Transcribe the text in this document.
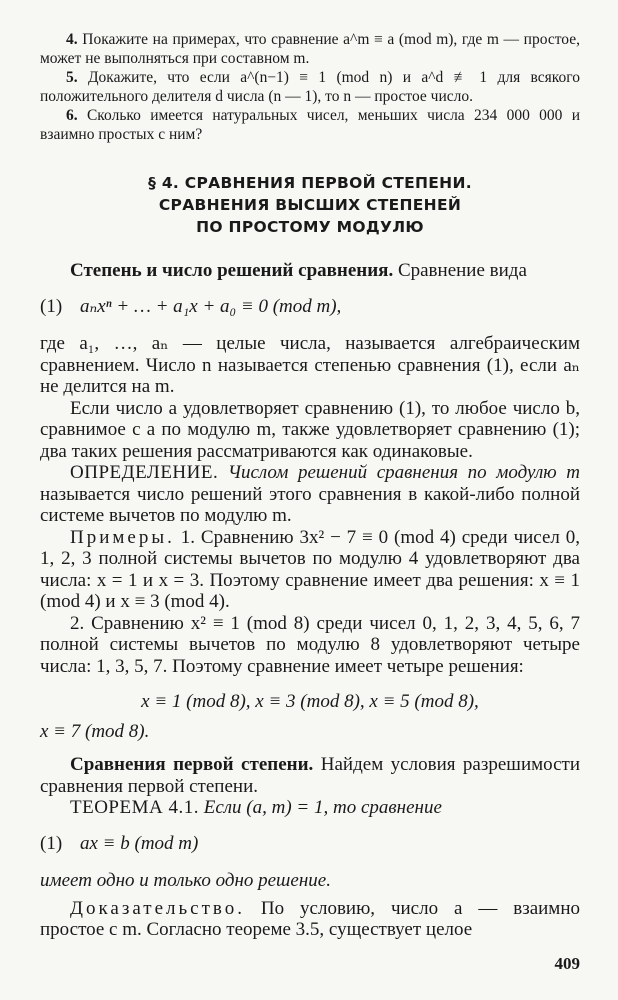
4. Покажите на примерах, что сравнение a^m ≡ a (mod m), где m — простое, может не выполняться при составном m.

5. Докажите, что если a^(n−1) ≡ 1 (mod n) и a^d ≢ 1 для всякого положительного делителя d числа (n — 1), то n — простое число.

6. Сколько имеется натуральных чисел, меньших числа 234 000 000 и взаимно простых с ним?

§ 4. СРАВНЕНИЯ ПЕРВОЙ СТЕПЕНИ.
СРАВНЕНИЯ ВЫСШИХ СТЕПЕНЕЙ
ПО ПРОСТОМУ МОДУЛЮ

Степень и число решений сравнения. Сравнение вида

(1) aₙxⁿ + … + a₁x + a₀ ≡ 0 (mod m),

где a₁, …, aₙ — целые числа, называется алгебраическим сравнением. Число n называется степенью сравнения (1), если aₙ не делится на m.

Если число a удовлетворяет сравнению (1), то любое число b, сравнимое с a по модулю m, также удовлетворяет сравнению (1); два таких решения рассматриваются как одинаковые.

ОПРЕДЕЛЕНИЕ. Числом решений сравнения по модулю m называется число решений этого сравнения в какой-либо полной системе вычетов по модулю m.

Примеры. 1. Сравнению 3x² − 7 ≡ 0 (mod 4) среди чисел 0, 1, 2, 3 полной системы вычетов по модулю 4 удовлетворяют два числа: x = 1 и x = 3. Поэтому сравнение имеет два решения: x ≡ 1 (mod 4) и x ≡ 3 (mod 4).

2. Сравнению x² ≡ 1 (mod 8) среди чисел 0, 1, 2, 3, 4, 5, 6, 7 полной системы вычетов по модулю 8 удовлетворяют четыре числа: 1, 3, 5, 7. Поэтому сравнение имеет четыре решения:

x ≡ 1 (mod 8), x ≡ 3 (mod 8), x ≡ 5 (mod 8),

x ≡ 7 (mod 8).

Сравнения первой степени. Найдем условия разрешимости сравнения первой степени.

ТЕОРЕМА 4.1. Если (a, m) = 1, то сравнение

(1) ax ≡ b (mod m)

имеет одно и только одно решение.

Доказательство. По условию, число a — взаимно простое с m. Согласно теореме 3.5, существует целое

409
